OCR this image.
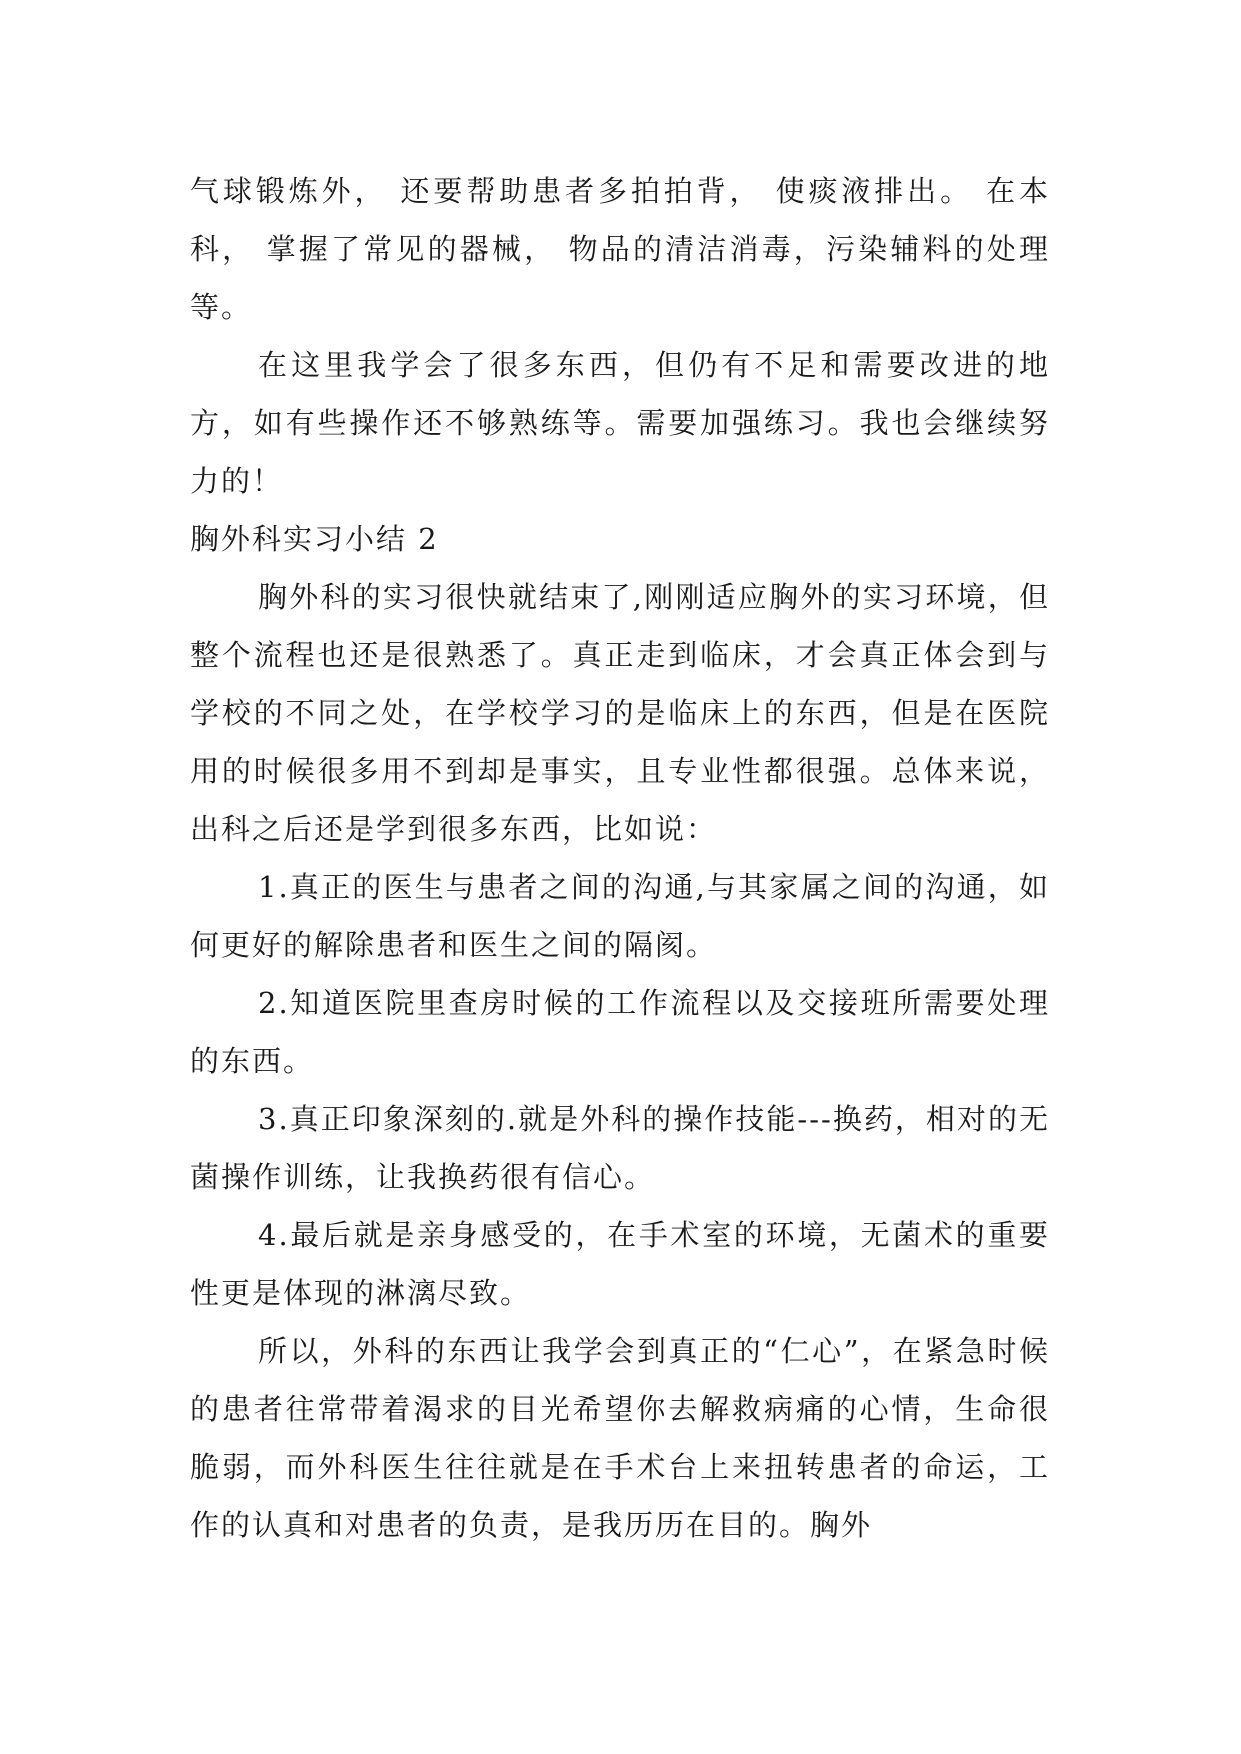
气球锻炼外， 还要帮助患者多拍拍背， 使痰液排出。 在本科， 掌握了常见的器械， 物品的清洁消毒，污染辅料的处理等。

在这里我学会了很多东西，但仍有不足和需要改进的地方，如有些操作还不够熟练等。需要加强练习。我也会继续努力的！

胸外科实习小结 2

胸外科的实习很快就结束了,刚刚适应胸外的实习环境，但整个流程也还是很熟悉了。真正走到临床，才会真正体会到与学校的不同之处，在学校学习的是临床上的东西，但是在医院用的时候很多用不到却是事实，且专业性都很强。总体来说，出科之后还是学到很多东西，比如说：

1.真正的医生与患者之间的沟通,与其家属之间的沟通，如何更好的解除患者和医生之间的隔阂。

2.知道医院里查房时候的工作流程以及交接班所需要处理的东西。

3.真正印象深刻的.就是外科的操作技能---换药，相对的无菌操作训练，让我换药很有信心。

4.最后就是亲身感受的，在手术室的环境，无菌术的重要性更是体现的淋漓尽致。

所以，外科的东西让我学会到真正的“仁心”，在紧急时候的患者往常带着渴求的目光希望你去解救病痛的心情，生命很脆弱，而外科医生往往就是在手术台上来扭转患者的命运，工作的认真和对患者的负责，是我历历在目的。胸外
